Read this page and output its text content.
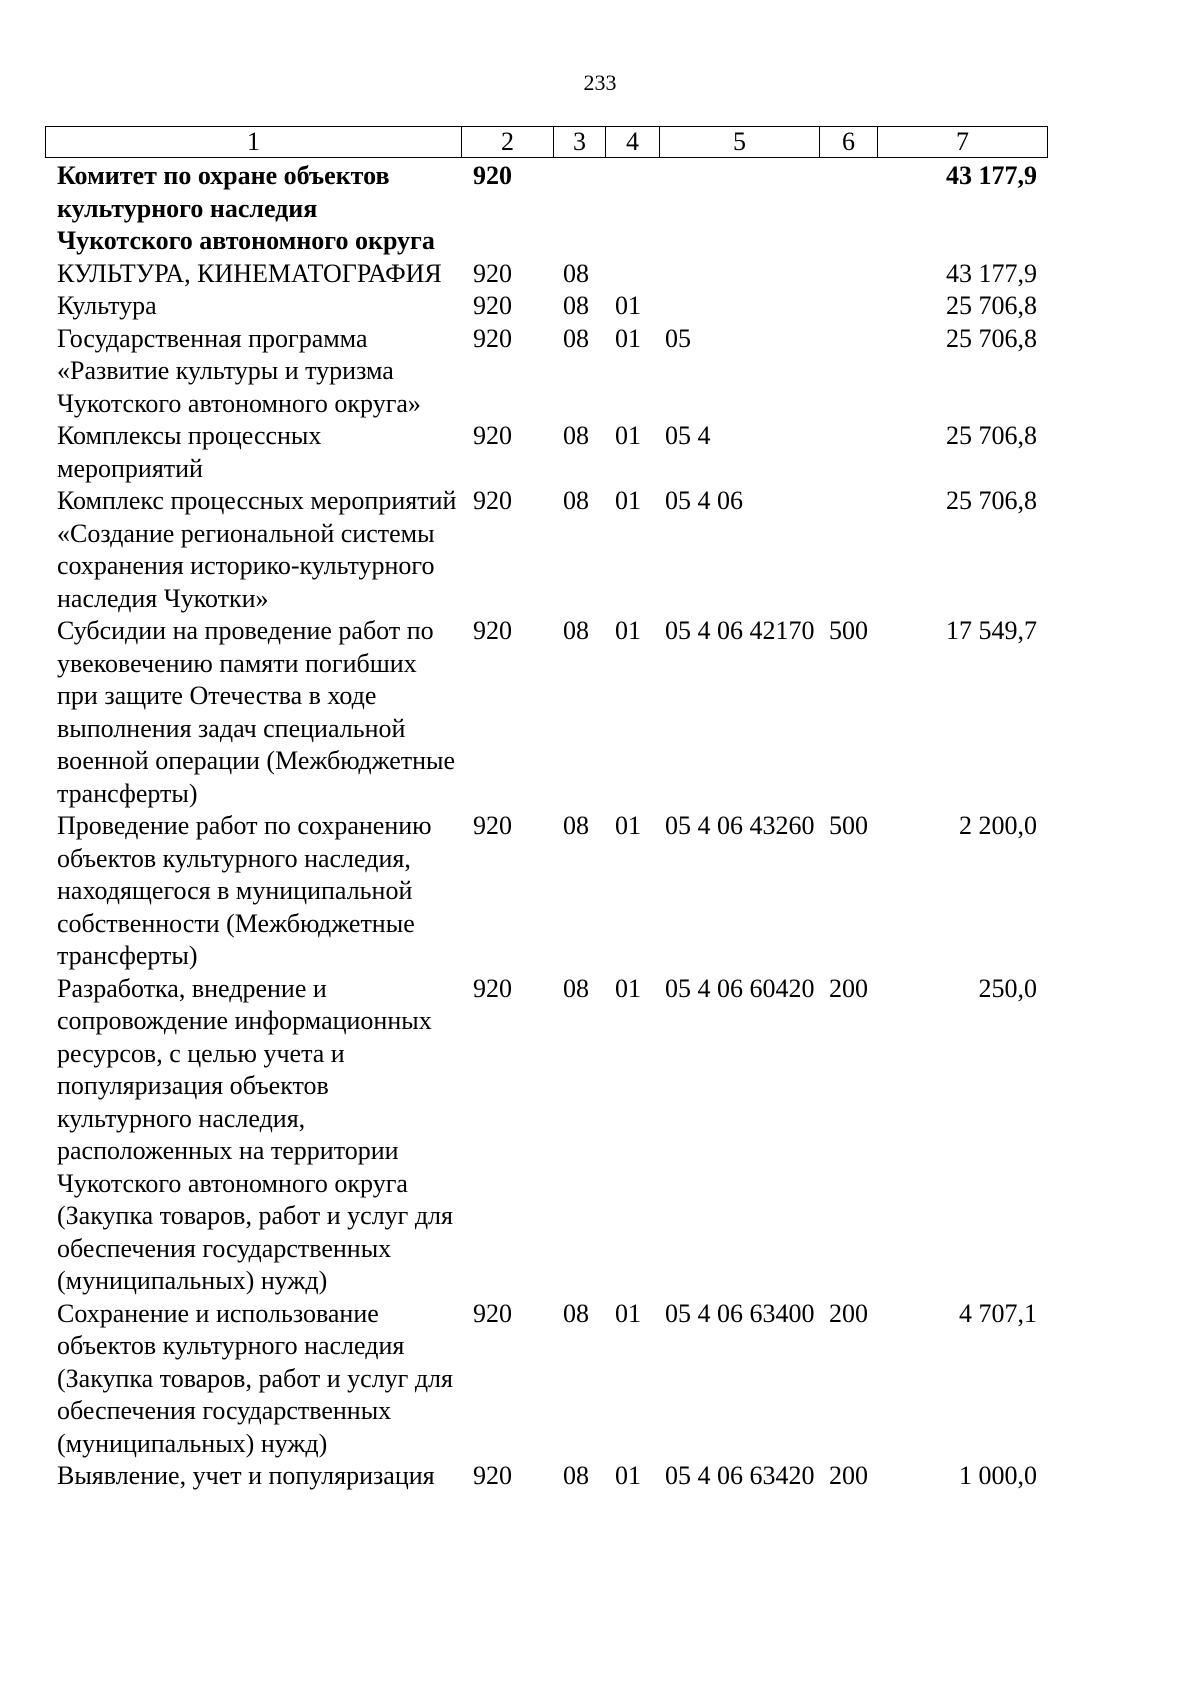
233
1	2	3	4	5	6	7
Комитет по охране объектов культурного наследия Чукотского автономного округа	920					43 177,9
КУЛЬТУРА, КИНЕМАТОГРАФИЯ	920	08				43 177,9
Культура	920	08	01			25 706,8
Государственная программа «Развитие культуры и туризма Чукотского автономного округа»	920	08	01	05		25 706,8
Комплексы процессных мероприятий	920	08	01	05 4		25 706,8
Комплекс процессных мероприятий «Создание региональной системы сохранения историко-культурного наследия Чукотки»	920	08	01	05 4 06		25 706,8
Субсидии на проведение работ по увековечению памяти погибших при защите Отечества в ходе выполнения задач специальной военной операции (Межбюджетные трансферты)	920	08	01	05 4 06 42170	500	17 549,7
Проведение работ по сохранению объектов культурного наследия, находящегося в муниципальной собственности (Межбюджетные трансферты)	920	08	01	05 4 06 43260	500	2 200,0
Разработка, внедрение и сопровождение информационных ресурсов, с целью учета и популяризация объектов культурного наследия, расположенных на территории Чукотского автономного округа (Закупка товаров, работ и услуг для обеспечения государственных (муниципальных) нужд)	920	08	01	05 4 06 60420	200	250,0
Сохранение и использование объектов культурного наследия (Закупка товаров, работ и услуг для обеспечения государственных (муниципальных) нужд)	920	08	01	05 4 06 63400	200	4 707,1
Выявление, учет и популяризация	920	08	01	05 4 06 63420	200	1 000,0
